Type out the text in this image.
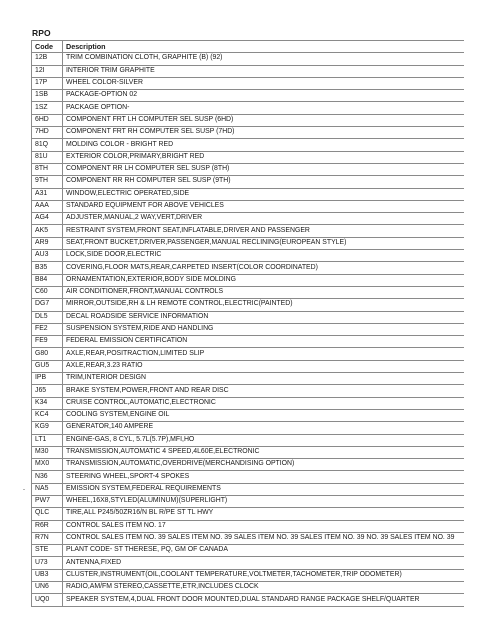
RPO
Code	Description
12B	TRIM COMBINATION CLOTH, GRAPHITE (B) (92)
12I	INTERIOR TRIM GRAPHITE
17P	WHEEL COLOR-SILVER
1SB	PACKAGE-OPTION 02
1SZ	PACKAGE OPTION-
6HD	COMPONENT FRT LH COMPUTER SEL SUSP (6HD)
7HD	COMPONENT FRT RH COMPUTER SEL SUSP (7HD)
81Q	MOLDING COLOR - BRIGHT RED
81U	EXTERIOR COLOR,PRIMARY,BRIGHT RED
8TH	COMPONENT RR LH COMPUTER SEL SUSP (8TH)
9TH	COMPONENT RR RH COMPUTER SEL SUSP (9TH)
A31	WINDOW,ELECTRIC OPERATED,SIDE
AAA	STANDARD EQUIPMENT FOR ABOVE VEHICLES
AG4	ADJUSTER,MANUAL,2 WAY,VERT,DRIVER
AK5	RESTRAINT SYSTEM,FRONT SEAT,INFLATABLE,DRIVER AND PASSENGER
AR9	SEAT,FRONT BUCKET,DRIVER,PASSENGER,MANUAL RECLINING(EUROPEAN STYLE)
AU3	LOCK,SIDE DOOR,ELECTRIC
B35	COVERING,FLOOR MATS,REAR,CARPETED INSERT(COLOR COORDINATED)
B84	ORNAMENTATION,EXTERIOR,BODY SIDE MOLDING
C60	AIR CONDITIONER,FRONT,MANUAL CONTROLS
DG7	MIRROR,OUTSIDE,RH & LH REMOTE CONTROL,ELECTRIC(PAINTED)
DL5	DECAL ROADSIDE SERVICE INFORMATION
FE2	SUSPENSION SYSTEM,RIDE AND HANDLING
FE9	FEDERAL EMISSION CERTIFICATION
G80	AXLE,REAR,POSITRACTION,LIMITED SLIP
GU5	AXLE,REAR,3.23 RATIO
IPB	TRIM,INTERIOR DESIGN
J65	BRAKE SYSTEM,POWER,FRONT AND REAR DISC
K34	CRUISE CONTROL,AUTOMATIC,ELECTRONIC
KC4	COOLING SYSTEM,ENGINE OIL
KG9	GENERATOR,140 AMPERE
LT1	ENGINE-GAS, 8 CYL, 5.7L(5.7P),MFI,HO
M30	TRANSMISSION,AUTOMATIC 4 SPEED,4L60E,ELECTRONIC
MX0	TRANSMISSION,AUTOMATIC,OVERDRIVE(MERCHANDISING OPTION)
N36	STEERING WHEEL,SPORT-4 SPOKES
NA5	EMISSION SYSTEM,FEDERAL REQUIREMENTS
PW7	WHEEL,16X8,STYLED(ALUMINUM)(SUPERLIGHT)
QLC	TIRE,ALL P245/50ZR16/N BL R/PE ST TL HWY
R6R	CONTROL SALES ITEM NO. 17
R7N	CONTROL SALES ITEM NO. 39 SALES ITEM NO. 39 SALES ITEM NO. 39 SALES ITEM NO. 39 NO. 39 SALES ITEM NO. 39
STE	PLANT CODE- ST THERESE, PQ, GM OF CANADA
U73	ANTENNA,FIXED
UB3	CLUSTER,INSTRUMENT(OIL,COOLANT TEMPERATURE,VOLTMETER,TACHOMETER,TRIP ODOMETER)
UN6	RADIO,AM/FM STEREO,CASSETTE,ETR,INCLUDES CLOCK
UQ0	SPEAKER SYSTEM,4,DUAL FRONT DOOR MOUNTED,DUAL STANDARD RANGE PACKAGE SHELF/QUARTER
